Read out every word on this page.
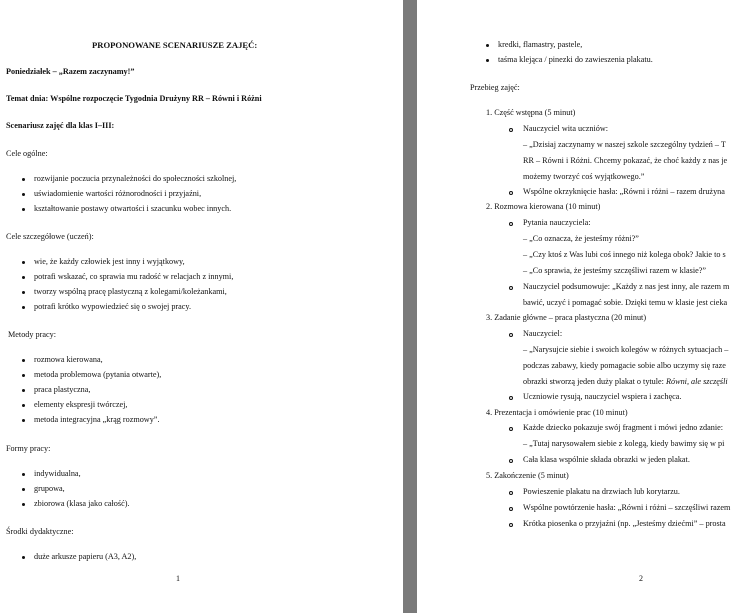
PROPONOWANE SCENARIUSZE ZAJĘĆ:
Poniedziałek – „Razem zaczynamy!”
Temat dnia: Wspólne rozpoczęcie Tygodnia Drużyny RR – Równi i Różni
Scenariusz zajęć dla klas I–III:
Cele ogólne:
rozwijanie poczucia przynależności do społeczności szkolnej,
uświadomienie wartości różnorodności i przyjaźni,
kształtowanie postawy otwartości i szacunku wobec innych.
Cele szczegółowe (uczeń):
wie, że każdy człowiek jest inny i wyjątkowy,
potrafi wskazać, co sprawia mu radość w relacjach z innymi,
tworzy wspólną pracę plastyczną z kolegami/koleżankami,
potrafi krótko wypowiedzieć się o swojej pracy.
Metody pracy:
rozmowa kierowana,
metoda problemowa (pytania otwarte),
praca plastyczna,
elementy ekspresji twórczej,
metoda integracyjna „krąg rozmowy”.
Formy pracy:
indywidualna,
grupowa,
zbiorowa (klasa jako całość).
Środki dydaktyczne:
duże arkusze papieru (A3, A2),
1
kredki, flamastry, pastele,
taśma klejąca / pinezki do zawieszenia plakatu.
Przebieg zajęć:
1. Część wstępna (5 minut)
Nauczyciel wita uczniów:
– „Dzisiaj zaczynamy w naszej szkole szczególny tydzień – T
RR – Równi i Różni. Chcemy pokazać, że choć każdy z nas je
możemy tworzyć coś wyjątkowego.”
Wspólne okrzyknięcie hasła: „Równi i różni – razem drużyna
2. Rozmowa kierowana (10 minut)
Pytania nauczyciela:
– „Co oznacza, że jesteśmy różni?”
– „Czy ktoś z Was lubi coś innego niż kolega obok? Jakie to s
– „Co sprawia, że jesteśmy szczęśliwi razem w klasie?”
Nauczyciel podsumowuje: „Każdy z nas jest inny, ale razem m
bawić, uczyć i pomagać sobie. Dzięki temu w klasie jest cieka
3. Zadanie główne – praca plastyczna (20 minut)
Nauczyciel:
– „Narysujcie siebie i swoich kolegów w różnych sytuacjach –
podczas zabawy, kiedy pomagacie sobie albo uczymy się raze
obrazki stworzą jeden duży plakat o tytule: Równi, ale szczęśli
Uczniowie rysują, nauczyciel wspiera i zachęca.
4. Prezentacja i omówienie prac (10 minut)
Każde dziecko pokazuje swój fragment i mówi jedno zdanie:
– „Tutaj narysowałem siebie z kolegą, kiedy bawimy się w pi
Cała klasa wspólnie składa obrazki w jeden plakat.
5. Zakończenie (5 minut)
Powieszenie plakatu na drzwiach lub korytarzu.
Wspólne powtórzenie hasła: „Równi i różni – szczęśliwi razem
Krótka piosenka o przyjaźni (np. „Jesteśmy dziećmi” – prosta
2
